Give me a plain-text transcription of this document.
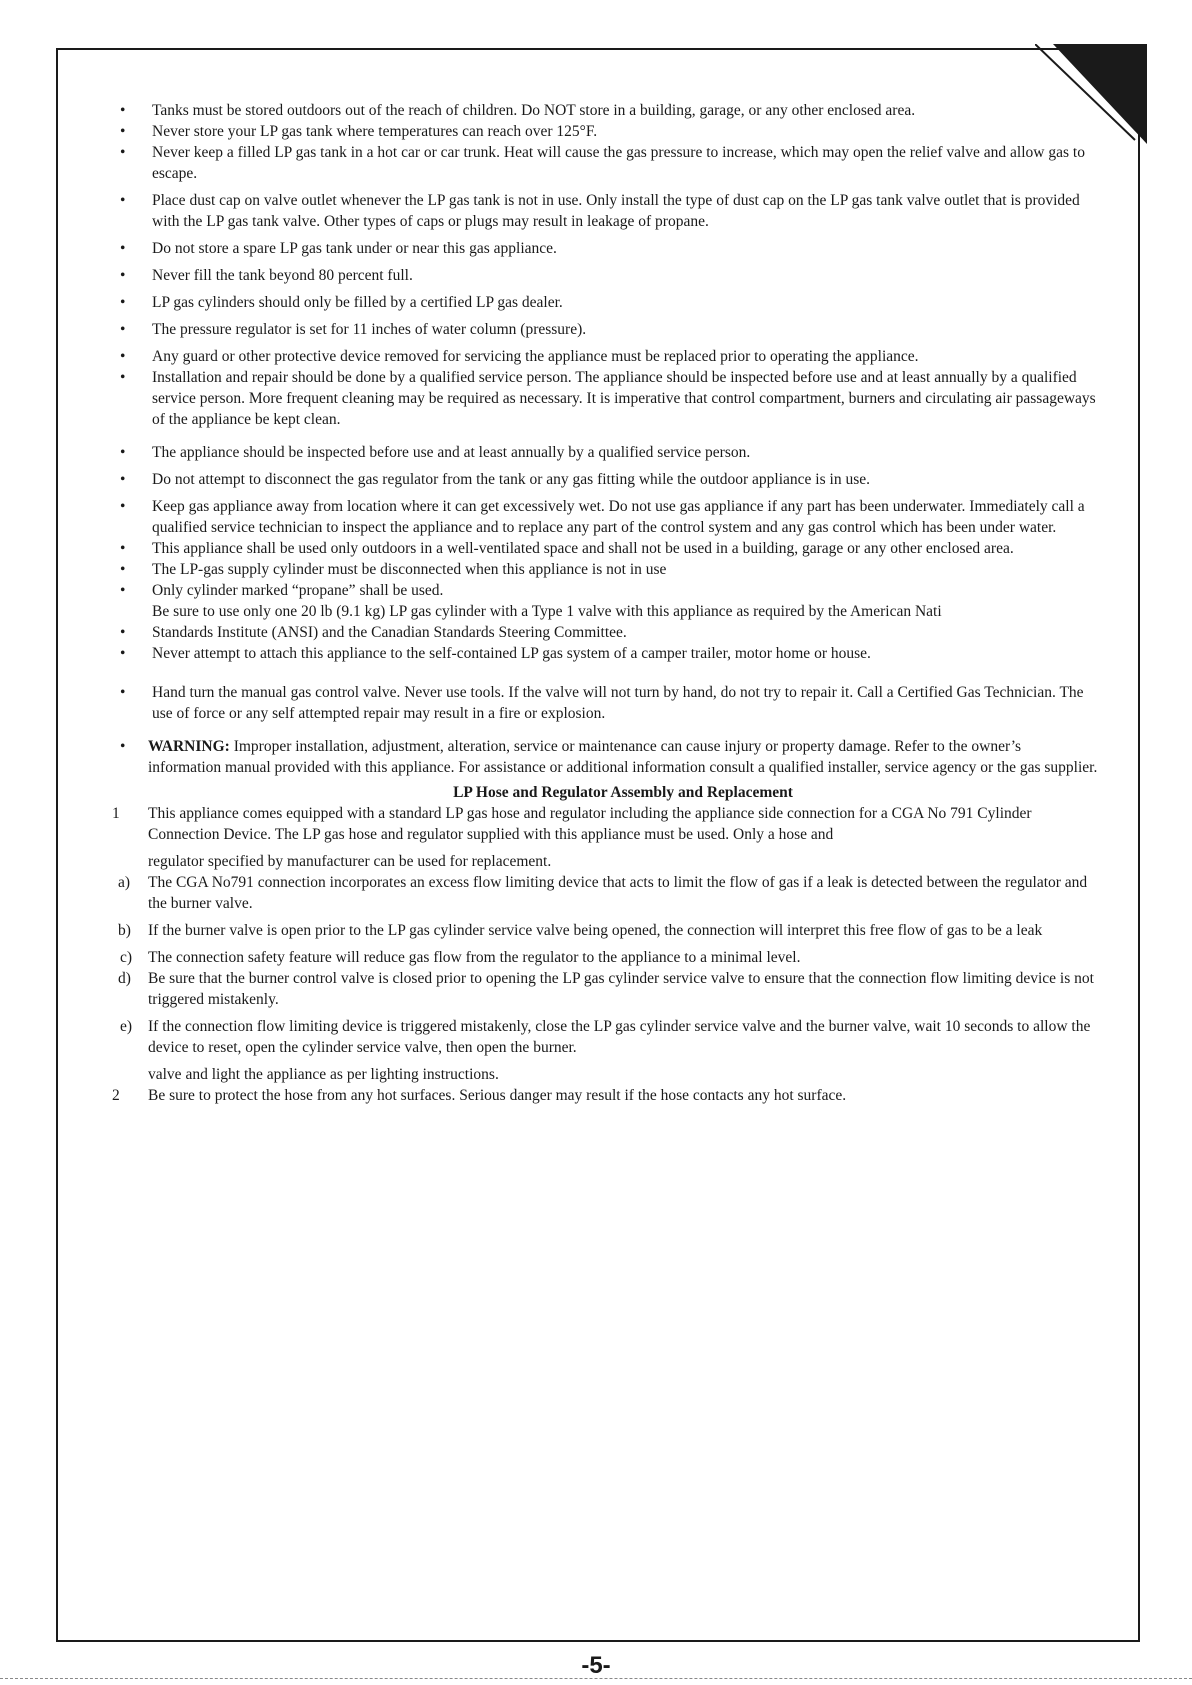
• Tanks must be stored outdoors out of the reach of children. Do NOT store in a building, garage, or any other enclosed area.
• Never store your LP gas tank where temperatures can reach over 125°F.
• Never keep a filled LP gas tank in a hot car or car trunk. Heat will cause the gas pressure to increase, which may open the relief valve and allow gas to escape.
• Place dust cap on valve outlet whenever the LP gas tank is not in use. Only install the type of dust cap on the LP gas tank valve outlet that is provided with the LP gas tank valve. Other types of caps or plugs may result in leakage of propane.
• Do not store a spare LP gas tank under or near this gas appliance.
• Never fill the tank beyond 80 percent full.
• LP gas cylinders should only be filled by a certified LP gas dealer.
• The pressure regulator is set for 11 inches of water column (pressure).
• Any guard or other protective device removed for servicing the appliance must be replaced prior to operating the appliance.
• Installation and repair should be done by a qualified service person. The appliance should be inspected before use and at least annually by a qualified service person. More frequent cleaning may be required as necessary. It is imperative that control compartment, burners and circulating air passageways of the appliance be kept clean.
• The appliance should be inspected before use and at least annually by a qualified service person.
• Do not attempt to disconnect the gas regulator from the tank or any gas fitting while the outdoor appliance is in use.
• Keep gas appliance away from location where it can get excessively wet. Do not use gas appliance if any part has been underwater. Immediately call a qualified service technician to inspect the appliance and to replace any part of the control system and any gas control which has been under water.
• This appliance shall be used only outdoors in a well-ventilated space and shall not be used in a building, garage or any other enclosed area.
• The LP-gas supply cylinder must be disconnected when this appliance is not in use
• Only cylinder marked “propane” shall be used.
Be sure to use only one 20 lb (9.1 kg) LP gas cylinder with a Type 1 valve with this appliance as required by the American Nati
• Standards Institute (ANSI) and the Canadian Standards Steering Committee.
• Never attempt to attach this appliance to the self-contained LP gas system of a camper trailer, motor home or house.
• Hand turn the manual gas control valve. Never use tools. If the valve will not turn by hand, do not try to repair it. Call a Certified Gas Technician. The use of force or any self attempted repair may result in a fire or explosion.
• WARNING: Improper installation, adjustment, alteration, service or maintenance can cause injury or property damage. Refer to the owner’s information manual provided with this appliance. For assistance or additional information consult a qualified installer, service agency or the gas supplier.
LP Hose and Regulator Assembly and Replacement
1 This appliance comes equipped with a standard LP gas hose and regulator including the appliance side connection for a CGA No 791 Cylinder Connection Device. The LP gas hose and regulator supplied with this appliance must be used. Only a hose and
regulator specified by manufacturer can be used for replacement.
a) The CGA No791 connection incorporates an excess flow limiting device that acts to limit the flow of gas if a leak is detected between the regulator and the burner valve.
b) If the burner valve is open prior to the LP gas cylinder service valve being opened, the connection will interpret this free flow of gas to be a leak
c) The connection safety feature will reduce gas flow from the regulator to the appliance to a minimal level.
d) Be sure that the burner control valve is closed prior to opening the LP gas cylinder service valve to ensure that the connection flow limiting device is not triggered mistakenly.
e) If the connection flow limiting device is triggered mistakenly, close the LP gas cylinder service valve and the burner valve, wait 10 seconds to allow the device to reset, open the cylinder service valve, then open the burner.
valve and light the appliance as per lighting instructions.
2 Be sure to protect the hose from any hot surfaces. Serious danger may result if the hose contacts any hot surface.
-5-
